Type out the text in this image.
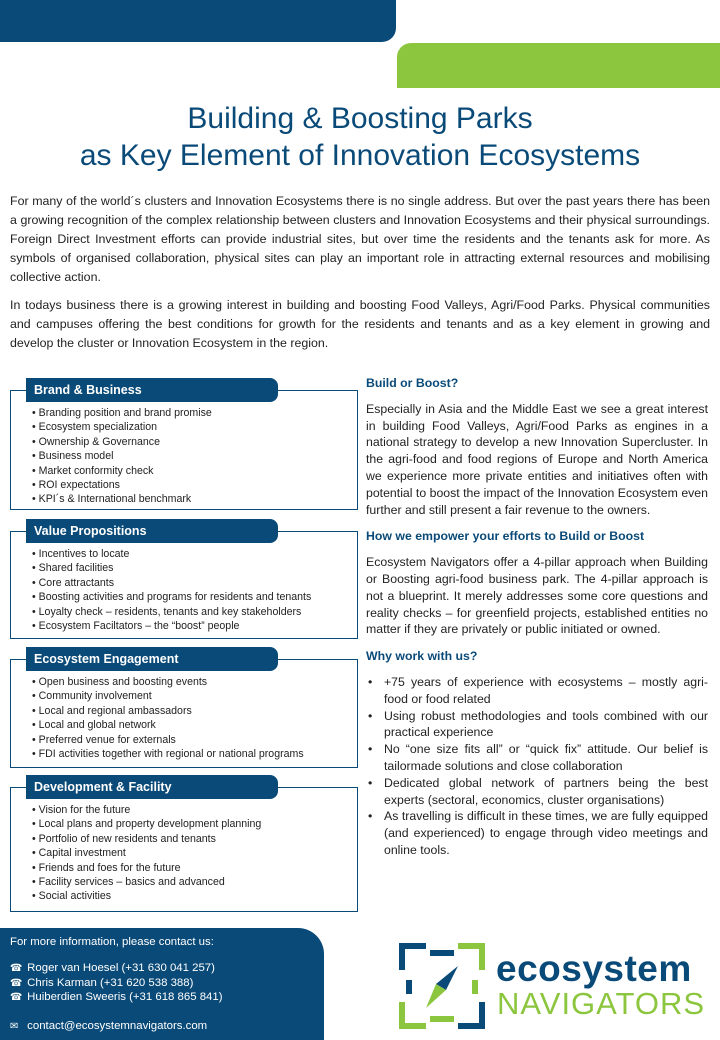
Building & Boosting Parks
as Key Element of Innovation Ecosystems

For many of the world´s clusters and Innovation Ecosystems there is no single address. But over the past years there has been a growing recognition of the complex relationship between clusters and Innovation Ecosystems and their physical surroundings. Foreign Direct Investment efforts can provide industrial sites, but over time the residents and the tenants ask for more. As symbols of organised collaboration, physical sites can play an important role in attracting external resources and mobilising collective action.

In todays business there is a growing interest in building and boosting Food Valleys, Agri/Food Parks. Physical communities and campuses offering the best conditions for growth for the residents and tenants and as a key element in growing and develop the cluster or Innovation Ecosystem in the region.

Brand & Business
• Branding position and brand promise
• Ecosystem specialization
• Ownership & Governance
• Business model
• Market conformity check
• ROI expectations
• KPI´s & International benchmark
Value Propositions
• Incentives to locate
• Shared facilities
• Core attractants
• Boosting activities and programs for residents and tenants
• Loyalty check – residents, tenants and key stakeholders
• Ecosystem Faciltators – the “boost” people
Ecosystem Engagement
• Open business and boosting events
• Community involvement
• Local and regional ambassadors
• Local and global network
• Preferred venue for externals
• FDI activities together with regional or national programs
Development & Facility
• Vision for the future
• Local plans and property development planning
• Portfolio of new residents and tenants
• Capital investment
• Friends and foes for the future
• Facility services – basics and advanced
• Social activities
Build or Boost?

Especially in Asia and the Middle East we see a great interest in building Food Valleys, Agri/Food Parks as engines in a national strategy to develop a new Innovation Supercluster. In the agri-food and food regions of Europe and North America we experience more private entities and initiatives often with potential to boost the impact of the Innovation Ecosystem even further and still present a fair revenue to the owners.

How we empower your efforts to Build or Boost

Ecosystem Navigators offer a 4-pillar approach when Building or Boosting agri-food business park. The 4-pillar approach is not a blueprint. It merely addresses some core questions and reality checks – for greenfield projects, established entities no matter if they are privately or public initiated or owned.

Why work with us?
• +75 years of experience with ecosystems – mostly agri-food or food related
• Using robust methodologies and tools combined with our practical experience
• No “one size fits all” or “quick fix” attitude. Our belief is tailormade solutions and close collaboration
• Dedicated global network of partners being the best experts (sectoral, economics, cluster organisations)
• As travelling is difficult in these times, we are fully equipped (and experienced) to engage through video meetings and online tools.
For more information, please contact us:
☎ Roger van Hoesel (+31 630 041 257)
☎ Chris Karman (+31 620 538 388)
☎ Huiberdien Sweeris (+31 618 865 841)
✉ contact@ecosystemnavigators.com
ecosystem
NAVIGATORS
